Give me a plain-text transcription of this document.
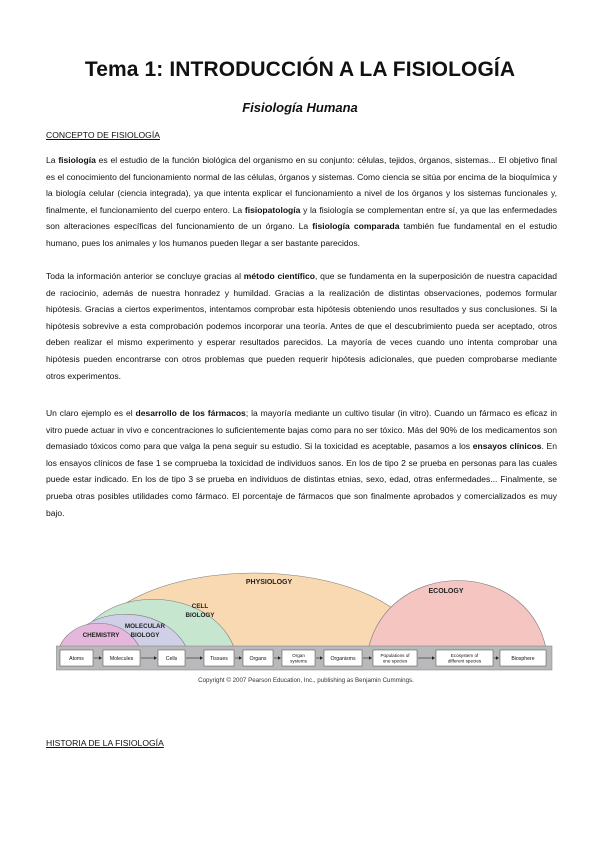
Tema 1: INTRODUCCIÓN A LA FISIOLOGÍA
Fisiología Humana

CONCEPTO DE FISIOLOGÍA

La fisiología es el estudio de la función biológica del organismo en su conjunto: células, tejidos, órganos, sistemas... El objetivo final es el conocimiento del funcionamiento normal de las células, órganos y sistemas. Como ciencia se sitúa por encima de la bioquímica y la biología celular (ciencia integrada), ya que intenta explicar el funcionamiento a nivel de los órganos y los sistemas funcionales y, finalmente, el funcionamiento del cuerpo entero. La fisiopatología y la fisiología se complementan entre sí, ya que las enfermedades son alteraciones específicas del funcionamiento de un órgano. La fisiología comparada también fue fundamental en el estudio humano, pues los animales y los humanos pueden llegar a ser bastante parecidos.

Toda la información anterior se concluye gracias al método científico, que se fundamenta en la superposición de nuestra capacidad de raciocinio, además de nuestra honradez y humildad. Gracias a la realización de distintas observaciones, podemos formular hipótesis. Gracias a ciertos experimentos, intentamos comprobar esta hipótesis obteniendo unos resultados y sus conclusiones. Si la hipótesis sobrevive a esta comprobación podemos incorporar una teoría. Antes de que el descubrimiento pueda ser aceptado, otros deben realizar el mismo experimento y esperar resultados parecidos. La mayoría de veces cuando uno intenta comprobar una hipótesis pueden encontrarse con otros problemas que pueden requerir hipótesis adicionales, que pueden comprobarse mediante otros experimentos.

Un claro ejemplo es el desarrollo de los fármacos; la mayoría mediante un cultivo tisular (in vitro). Cuando un fármaco es eficaz in vitro puede actuar in vivo e concentraciones lo suficientemente bajas como para no ser tóxico. Más del 90% de los medicamentos son demasiado tóxicos como para que valga la pena seguir su estudio. Si la toxicidad es aceptable, pasamos a los ensayos clínicos. En los ensayos clínicos de fase 1 se comprueba la toxicidad de individuos sanos. En los de tipo 2 se prueba en personas para las cuales puede estar indicado. En los de tipo 3 se prueba en individuos de distintas etnias, sexo, edad, otras enfermedades... Finalmente, se prueba otras posibles utilidades como fármaco. El porcentaje de fármacos que son finalmente aprobados y comercializados es muy bajo.

PHYSIOLOGY
ECOLOGY
CELL
BIOLOGY
MOLECULAR
BIOLOGY
CHEMISTRY
Atoms	Molecules	Cells	Tissues	Organs
Organ systems	Organisms
Populations of one species
Ecosystem of different species	Biosphere

Copyright © 2007 Pearson Education, Inc., publishing as Benjamin Cummings.

HISTORIA DE LA FISIOLOGÍA
